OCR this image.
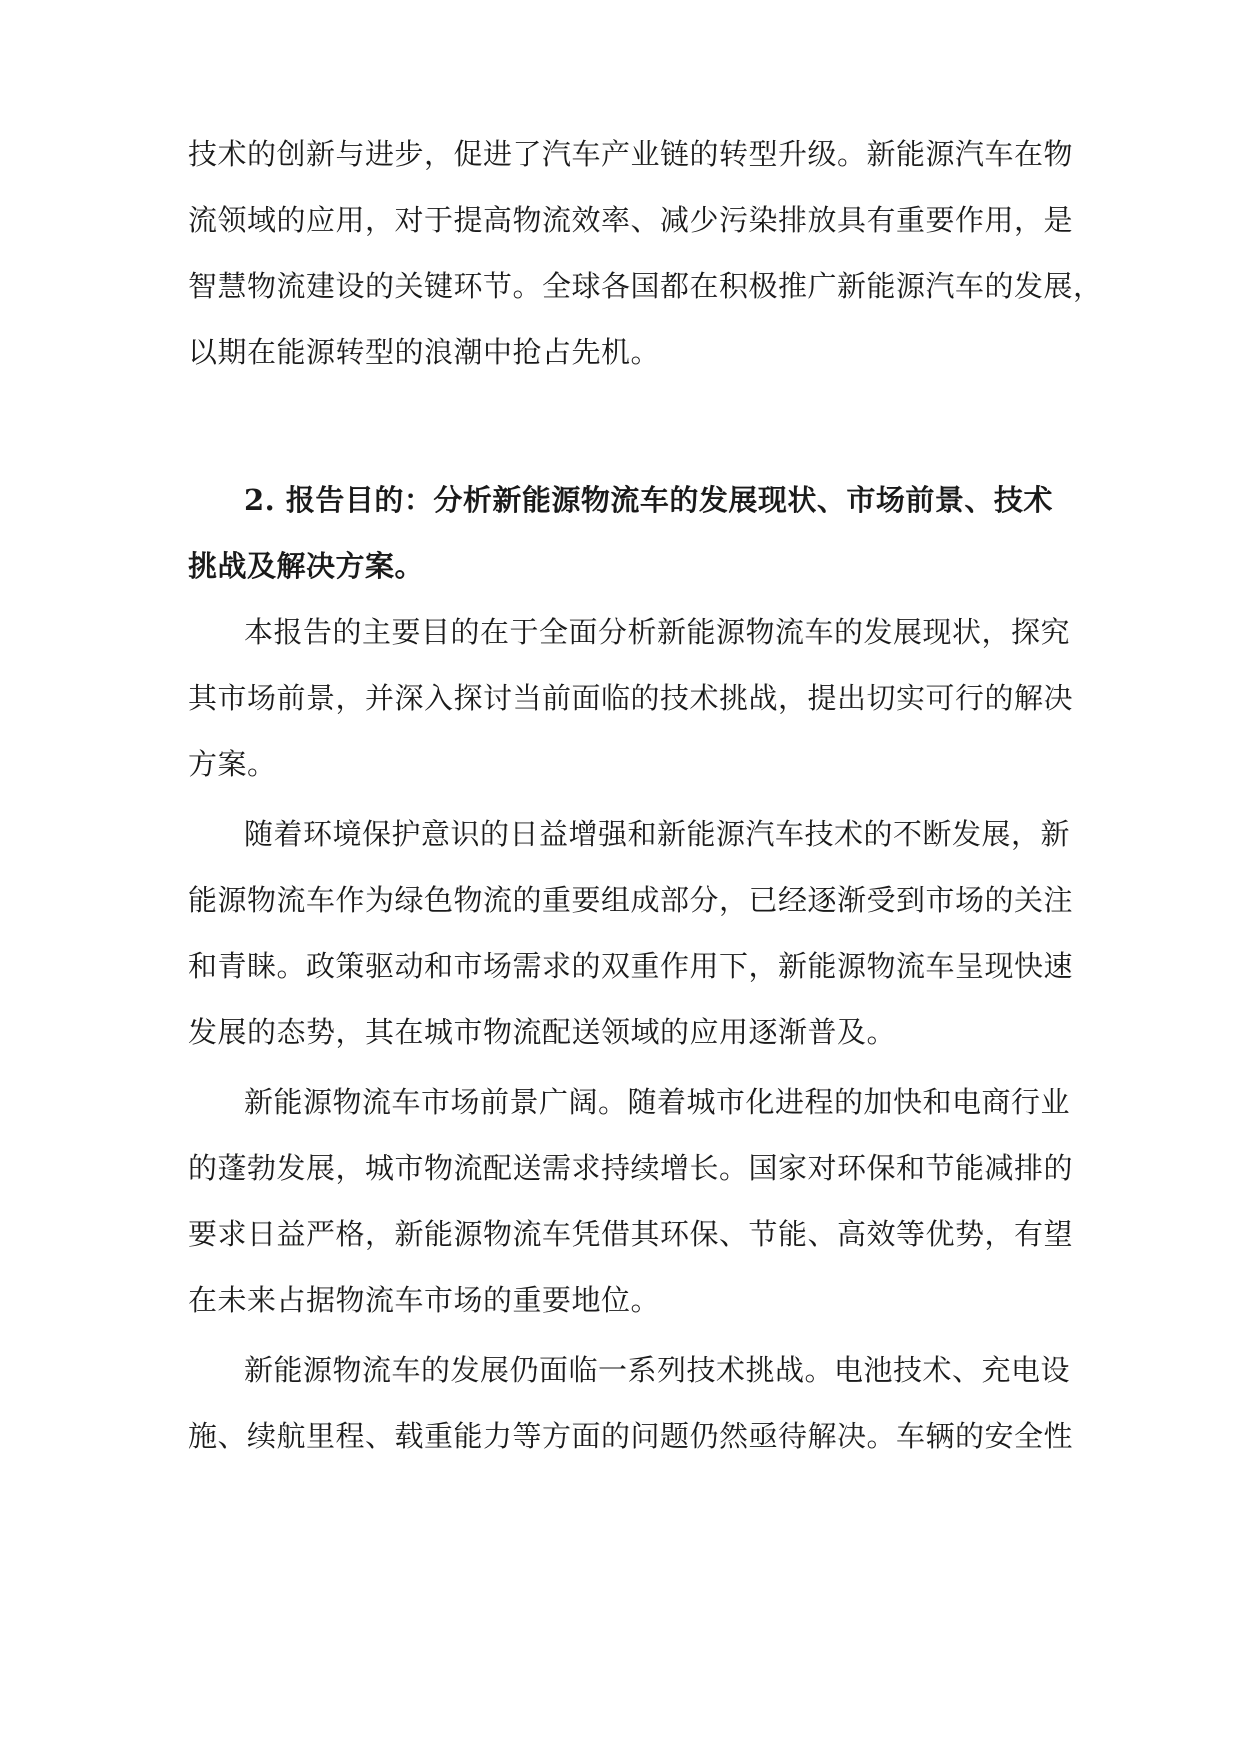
技术的创新与进步，促进了汽车产业链的转型升级。新能源汽车在物
流领域的应用，对于提高物流效率、减少污染排放具有重要作用，是
智慧物流建设的关键环节。全球各国都在积极推广新能源汽车的发展，
以期在能源转型的浪潮中抢占先机。
2. 报告目的：分析新能源物流车的发展现状、市场前景、技术
挑战及解决方案。
本报告的主要目的在于全面分析新能源物流车的发展现状，探究
其市场前景，并深入探讨当前面临的技术挑战，提出切实可行的解决
方案。
随着环境保护意识的日益增强和新能源汽车技术的不断发展，新
能源物流车作为绿色物流的重要组成部分，已经逐渐受到市场的关注
和青睐。政策驱动和市场需求的双重作用下，新能源物流车呈现快速
发展的态势，其在城市物流配送领域的应用逐渐普及。
新能源物流车市场前景广阔。随着城市化进程的加快和电商行业
的蓬勃发展，城市物流配送需求持续增长。国家对环保和节能减排的
要求日益严格，新能源物流车凭借其环保、节能、高效等优势，有望
在未来占据物流车市场的重要地位。
新能源物流车的发展仍面临一系列技术挑战。电池技术、充电设
施、续航里程、载重能力等方面的问题仍然亟待解决。车辆的安全性
